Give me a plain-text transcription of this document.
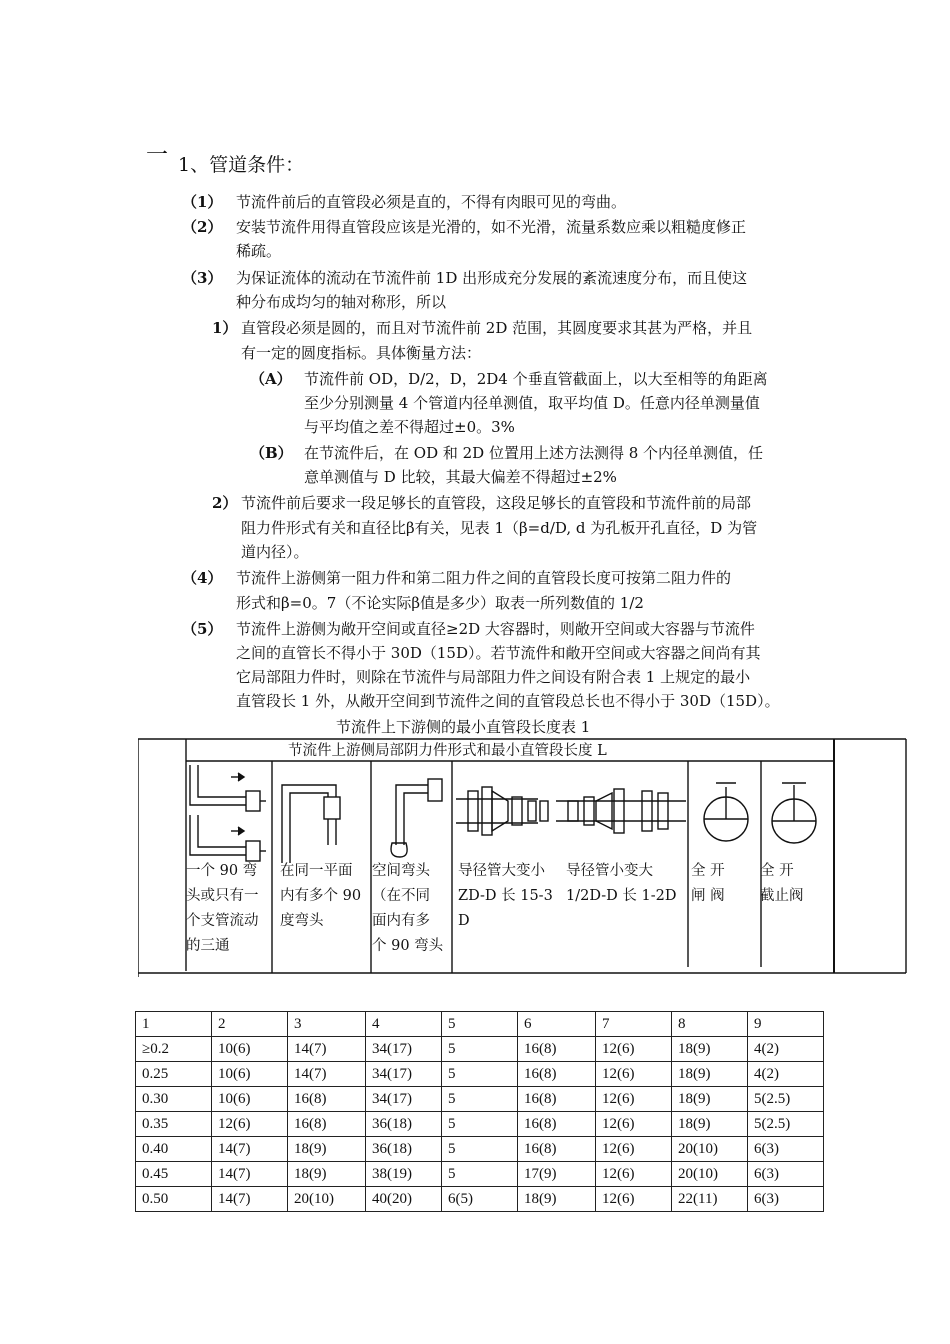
一 1、管道条件：
（1） 节流件前后的直管段必须是直的，不得有肉眼可见的弯曲。
（2） 安装节流件用得直管段应该是光滑的，如不光滑，流量系数应乘以粗糙度修正
稀疏。
（3） 为保证流体的流动在节流件前 1D 出形成充分发展的紊流速度分布，而且使这
种分布成均匀的轴对称形，所以
1） 直管段必须是圆的，而且对节流件前 2D 范围，其圆度要求其甚为严格，并且
有一定的圆度指标。具体衡量方法：
（A） 节流件前 OD，D/2，D，2D4 个垂直管截面上，以大至相等的角距离
至少分别测量 4 个管道内径单测值，取平均值 D。任意内径单测量值
与平均值之差不得超过±0。3%
（B） 在节流件后，在 OD 和 2D 位置用上述方法测得 8 个内径单测值，任
意单测值与 D 比较，其最大偏差不得超过±2%
2） 节流件前后要求一段足够长的直管段，这段足够长的直管段和节流件前的局部
阻力件形式有关和直径比β有关，见表 1（β=d/D, d 为孔板开孔直径，D 为管
道内径）。
（4） 节流件上游侧第一阻力件和第二阻力件之间的直管段长度可按第二阻力件的
形式和β=0。7（不论实际β值是多少）取表一所列数值的 1/2
（5） 节流件上游侧为敞开空间或直径≥2D 大容器时，则敞开空间或大容器与节流件
之间的直管长不得小于 30D（15D）。若节流件和敞开空间或大容器之间尚有其
它局部阻力件时，则除在节流件与局部阻力件之间设有附合表 1 上规定的最小
直管段长 1 外，从敞开空间到节流件之间的直管段总长也不得小于 30D（15D）。
节流件上下游侧的最小直管段长度表 1
节流件上游侧局部阴力件形式和最小直管段长度 L
一个 90 弯
头或只有一
个支管流动
的三通
在同一平面
内有多个 90
度弯头
空间弯头
（在不同
面内有多
个 90 弯头
导径管大变小
ZD-D 长 15-3
D
导径管小变大
1/2D-D 长 1-2D
全 开
闸 阀
全 开
截止阀
1	2	3	4	5	6	7	8	9
≥0.2	10(6)	14(7)	34(17)	5	16(8)	12(6)	18(9)	4(2)
0.25	10(6)	14(7)	34(17)	5	16(8)	12(6)	18(9)	4(2)
0.30	10(6)	16(8)	34(17)	5	16(8)	12(6)	18(9)	5(2.5)
0.35	12(6)	16(8)	36(18)	5	16(8)	12(6)	18(9)	5(2.5)
0.40	14(7)	18(9)	36(18)	5	16(8)	12(6)	20(10)	6(3)
0.45	14(7)	18(9)	38(19)	5	17(9)	12(6)	20(10)	6(3)
0.50	14(7)	20(10)	40(20)	6(5)	18(9)	12(6)	22(11)	6(3)
